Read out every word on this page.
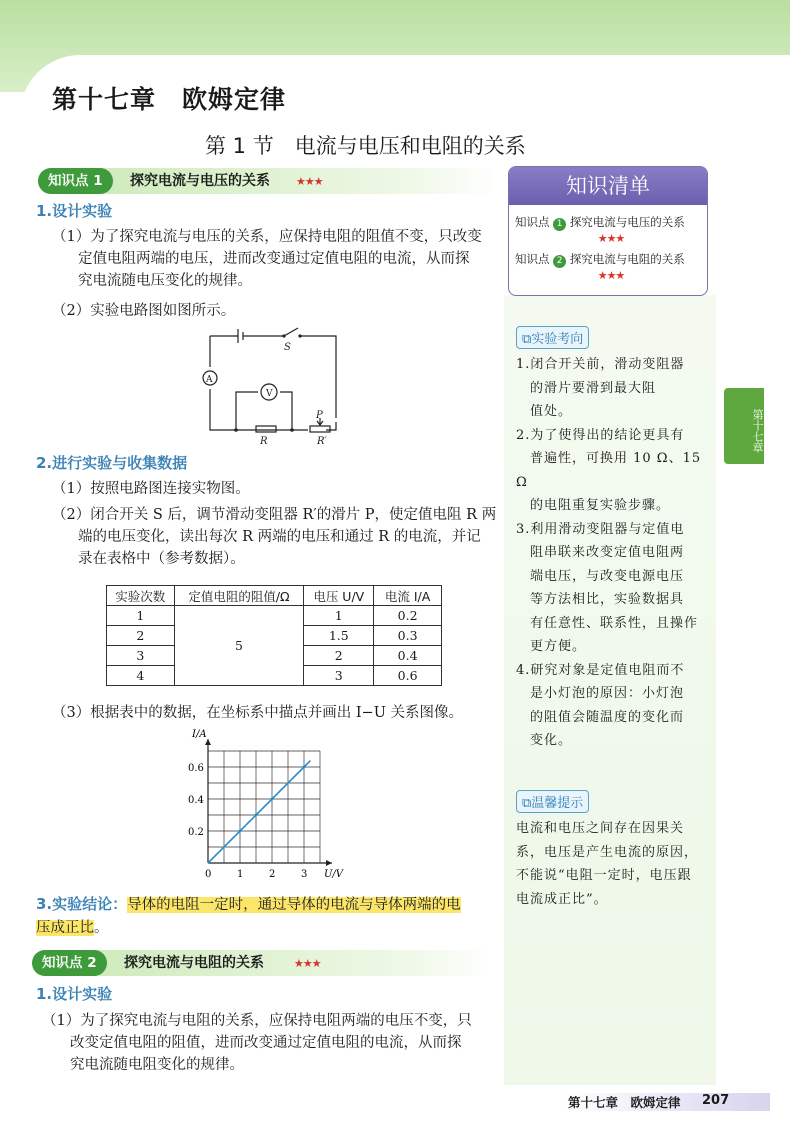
第十七章　欧姆定律
第 1 节　电流与电压和电阻的关系
知识点 1	探究电流与电压的关系 ★★★
1.设计实验

（1）为了探究电流与电压的关系，应保持电阻的阻值不变，只改变

定值电阻两端的电压，进而改变通过定值电阻的电流，从而探

究电流随电压变化的规律。

（2）实验电路图如图所示。

S
A
V
P
R	R′
2.进行实验与收集数据

（1）按照电路图连接实物图。

（2）闭合开关 S 后，调节滑动变阻器 R′的滑片 P，使定值电阻 R 两

端的电压变化，读出每次 R 两端的电压和通过 R 的电流，并记

录在表格中（参考数据）。

实验次数	定值电阻的阻值/Ω	电压 U/V	电流 I/A
1	5	1	0.2
2		1.5	0.3
3		2	0.4
4		3	0.6

（3）根据表中的数据，在坐标系中描点并画出 I−U 关系图像。

0	1	2	3
0.2
0.4
0.6
U/V
I/A
3.实验结论：导体的电阻一定时，通过导体的电流与导体两端的电
压成正比。
知识点 2	探究电流与电阻的关系	★★★
1.设计实验

（1）为了探究电流与电阻的关系，应保持电阻两端的电压不变，只

改变定值电阻的阻值，进而改变通过定值电阻的电流，从而探

究电流随电阻变化的规律。

知识清单
知识点 1 探究电流与电压的关系
★★★
知识点 2 探究电流与电阻的关系
★★★
⧉实验考向

1.闭合开关前，滑动变阻器

　的滑片要滑到最大阻

　值处。

2.为了使得出的结论更具有

　普遍性，可换用 10 Ω、15 Ω

　的电阻重复实验步骤。

3.利用滑动变阻器与定值电

　阻串联来改变定值电阻两

　端电压，与改变电源电压

　等方法相比，实验数据具

　有任意性、联系性，且操作

　更方便。

4.研究对象是定值电阻而不

　是小灯泡的原因：小灯泡

　的阻值会随温度的变化而

　变化。

⧉温馨提示

电流和电压之间存在因果关

系，电压是产生电流的原因，

不能说“电阻一定时，电压跟

电流成正比”。

第十七章
第十七章　欧姆定律 207
